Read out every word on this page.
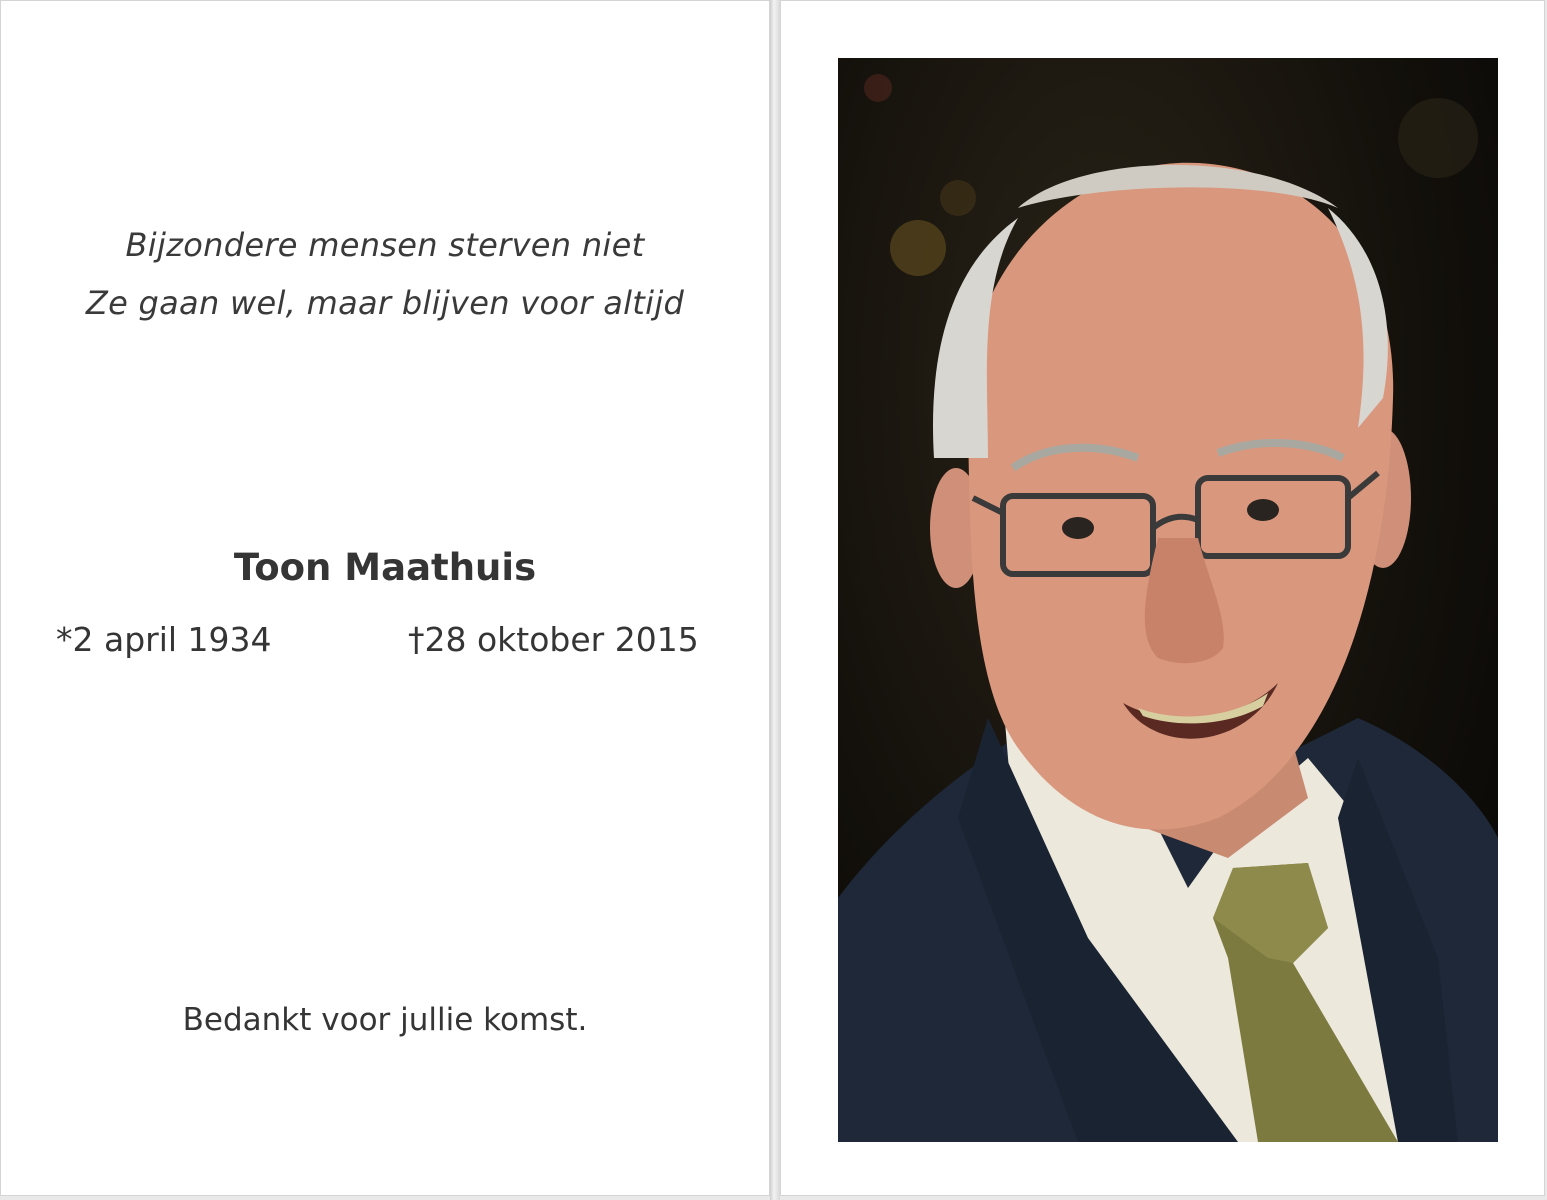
Bijzondere mensen sterven niet
Ze gaan wel, maar blijven voor altijd
Toon Maathuis
*2 april 1934	†28 oktober 2015
Bedankt voor jullie komst.
